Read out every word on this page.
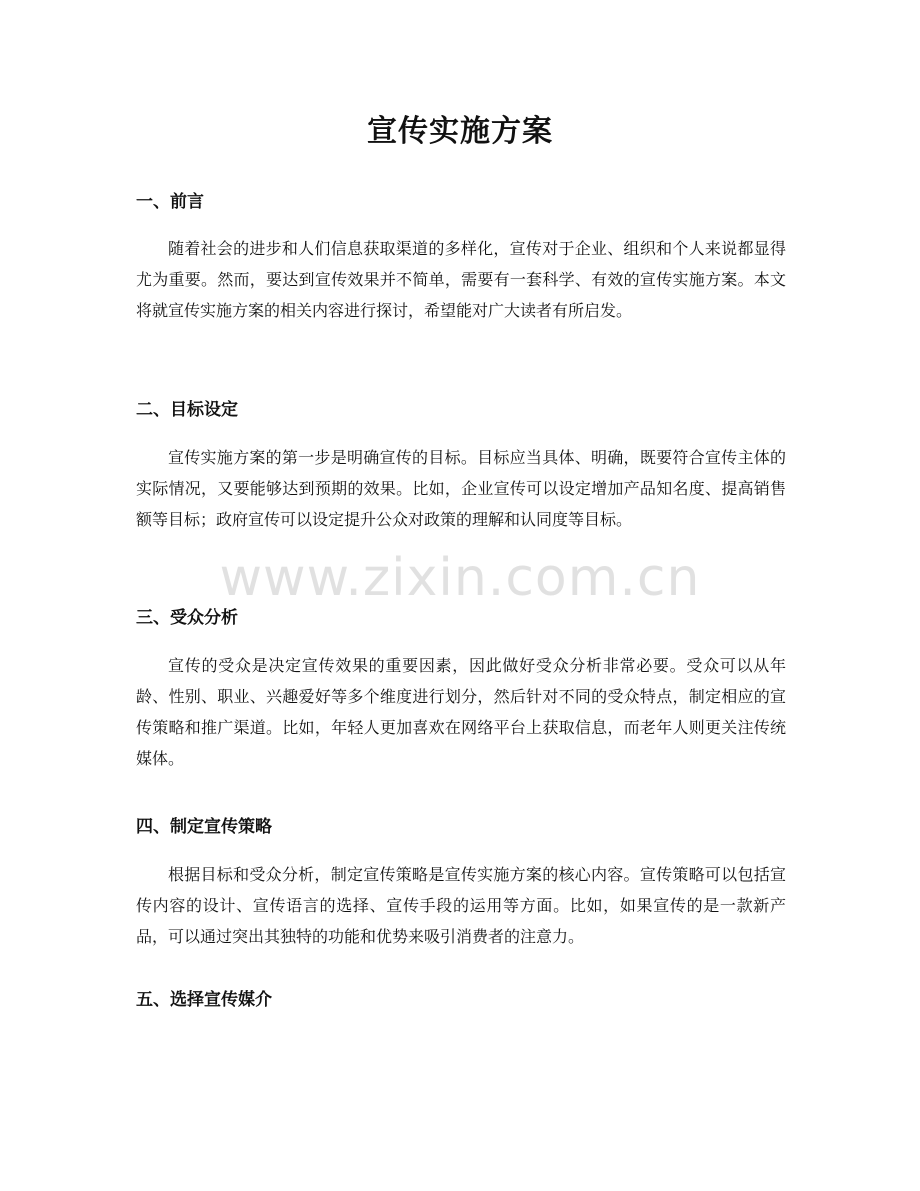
宣传实施方案
一、前言

随着社会的进步和人们信息获取渠道的多样化，宣传对于企业、组织和个人来说都显得尤为重要。然而，要达到宣传效果并不简单，需要有一套科学、有效的宣传实施方案。本文将就宣传实施方案的相关内容进行探讨，希望能对广大读者有所启发。

二、目标设定

宣传实施方案的第一步是明确宣传的目标。目标应当具体、明确，既要符合宣传主体的实际情况，又要能够达到预期的效果。比如，企业宣传可以设定增加产品知名度、提高销售额等目标；政府宣传可以设定提升公众对政策的理解和认同度等目标。

三、受众分析

宣传的受众是决定宣传效果的重要因素，因此做好受众分析非常必要。受众可以从年龄、性别、职业、兴趣爱好等多个维度进行划分，然后针对不同的受众特点，制定相应的宣传策略和推广渠道。比如，年轻人更加喜欢在网络平台上获取信息，而老年人则更关注传统媒体。

四、制定宣传策略

根据目标和受众分析，制定宣传策略是宣传实施方案的核心内容。宣传策略可以包括宣传内容的设计、宣传语言的选择、宣传手段的运用等方面。比如，如果宣传的是一款新产品，可以通过突出其独特的功能和优势来吸引消费者的注意力。

五、选择宣传媒介
www.zixin.com.cn
